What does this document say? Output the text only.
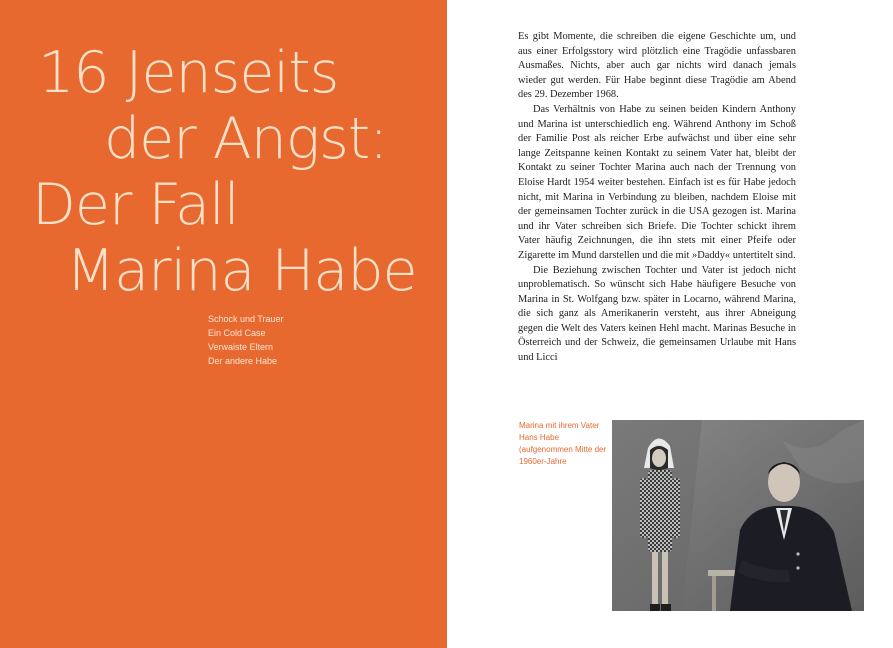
16 Jenseits
der Angst:
Der Fall
Marina Habe
Schock und Trauer
Ein Cold Case
Verwaiste Eltern
Der andere Habe

Es gibt Momente, die schreiben die eigene Geschichte um, und aus einer Erfolgsstory wird plötzlich eine Tragödie unfassbaren Ausmaßes. Nichts, aber auch gar nichts wird danach jemals wieder gut werden. Für Habe beginnt diese Tragödie am Abend des 29. Dezember 1968.

Das Verhältnis von Habe zu seinen beiden Kindern Anthony und Marina ist unterschiedlich eng. Während Anthony im Schoß der Familie Post als reicher Erbe aufwächst und über eine sehr lange Zeitspanne keinen Kontakt zu seinem Vater hat, bleibt der Kontakt zu seiner Tochter Marina auch nach der Trennung von Eloise Hardt 1954 weiter bestehen. Einfach ist es für Habe jedoch nicht, mit Marina in Verbindung zu bleiben, nachdem Eloise mit der gemeinsamen Tochter zurück in die USA gezogen ist. Marina und ihr Vater schreiben sich Briefe. Die Tochter schickt ihrem Vater häufig Zeichnungen, die ihn stets mit einer Pfeife oder Zigarette im Mund darstellen und die mit »Daddy« untertitelt sind.

Die Beziehung zwischen Tochter und Vater ist jedoch nicht unproblematisch. So wünscht sich Habe häufigere Besuche von Marina in St. Wolfgang bzw. später in Locarno, während Marina, die sich ganz als Amerikanerin versteht, aus ihrer Abneigung gegen die Welt des Vaters keinen Hehl macht. Marinas Besuche in Österreich und der Schweiz, die gemeinsamen Urlaube mit Hans und Licci

Marina mit ihrem Vater Hans Habe (aufgenommen Mitte der 1960er-Jahre
